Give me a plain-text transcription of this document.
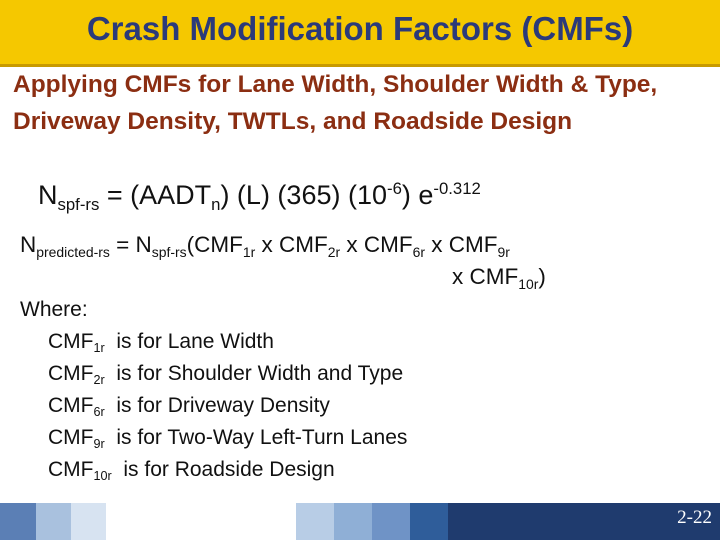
Crash Modification Factors (CMFs)
Applying CMFs for Lane Width, Shoulder Width & Type, Driveway Density, TWTLs, and Roadside Design
$N_{spf-rs}$ = $(AADT_n)$ (L) (365) $(10^{-6})$ $e^{-0.312}$
$N_{predicted-rs} = N_{spf-rs}(CMF_{1r}$ x $CMF_{2r}$ x $CMF_{6r}$ x $CMF_{9r}$
x $CMF_{10r}$)
Where:
$CMF_{1r}$  is for Lane Width
$CMF_{2r}$  is for Shoulder Width and Type
$CMF_{6r}$  is for Driveway Density
$CMF_{9r}$  is for Two-Way Left-Turn Lanes
$CMF_{10r}$  is for Roadside Design
2-22
